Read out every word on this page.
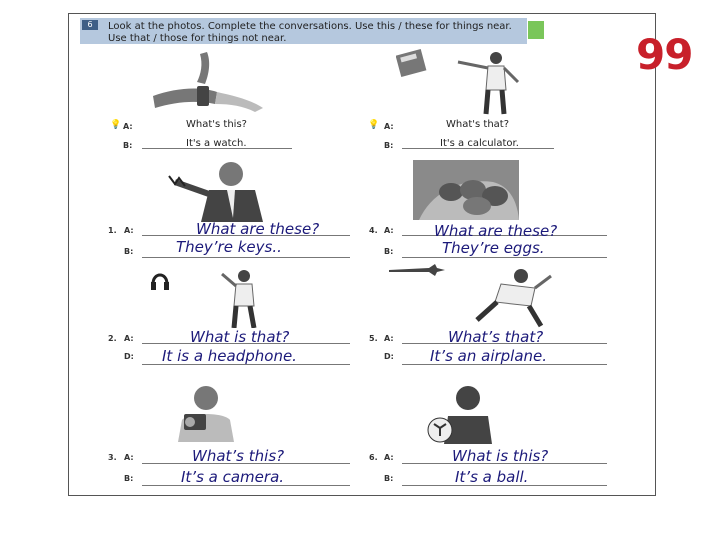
99
6	Look at the photos. Complete the conversations. Use this / these for things near.
Use that / those for things not near.
💡 A:	What's this?
B:	It's a watch.
💡 A:	What's that?
B:	It's a calculator.
1. A:	What are these?
B:	They’re keys..
4. A:	What are these?
B:	They’re eggs.
2. A:	What is that?
D: It is a headphone.
5. A:	What’s that?
D: It’s an airplane.
3. A:	What’s this?
B:	It’s a camera.
6. A:	What is this?
B:	It’s a ball.
